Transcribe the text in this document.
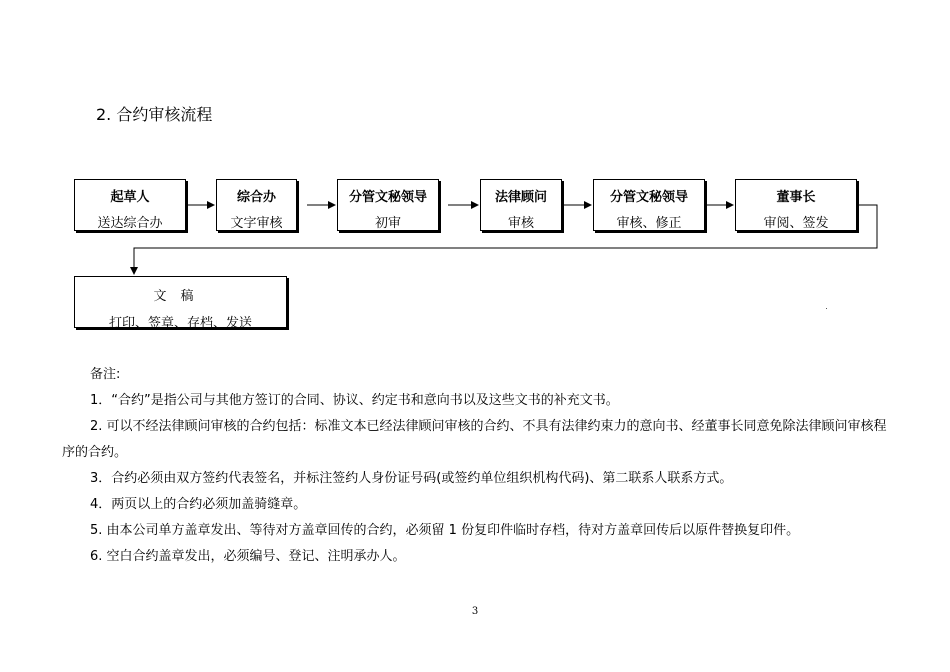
2. 合约审核流程
起草人
送达综合办
综合办
文字审核
分管文秘领导
初审
法律顾问
审核
分管文秘领导
审核、修正
董事长
审阅、签发
文稿
打印、签章、存档、发送

备注:

1．“合约”是指公司与其他方签订的合同、协议、约定书和意向书以及这些文书的补充文书。

2. 可以不经法律顾问审核的合约包括：标准文本已经法律顾问审核的合约、不具有法律约束力的意向书、经董事长同意免除法律顾问审核程序的合约。

3．合约必须由双方签约代表签名，并标注签约人身份证号码(或签约单位组织机构代码)、第二联系人联系方式。

4．两页以上的合约必须加盖骑缝章。

5. 由本公司单方盖章发出、等待对方盖章回传的合约，必须留 1 份复印件临时存档，待对方盖章回传后以原件替换复印件。

6. 空白合约盖章发出，必须编号、登记、注明承办人。

3
